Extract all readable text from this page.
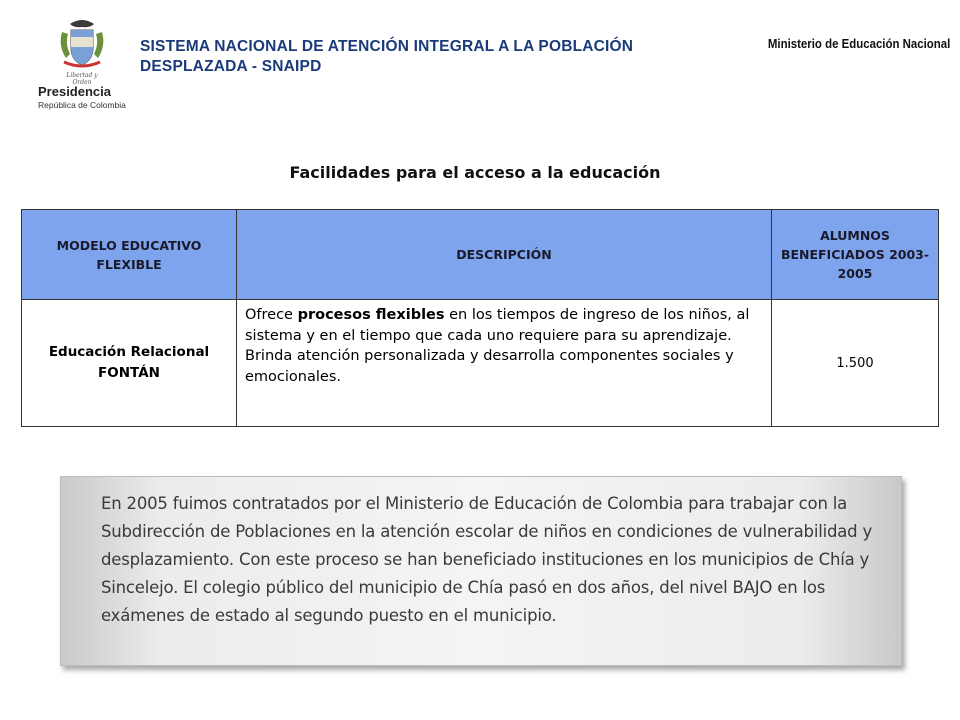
Libertad y Orden
Presidencia
República de Colombia
SISTEMA NACIONAL DE ATENCIÓN INTEGRAL A LA POBLACIÓN DESPLAZADA - SNAIPD
Ministerio de Educación Nacional
Facilidades para el acceso a la educación
MODELO EDUCATIVO FLEXIBLE	DESCRIPCIÓN	ALUMNOS BENEFICIADOS 2003-2005
Educación Relacional FONTÁN	Ofrece procesos flexibles en los tiempos de ingreso de los niños, al sistema y en el tiempo que cada uno requiere para su aprendizaje. Brinda atención personalizada y desarrolla componentes sociales y emocionales.	1.500
En 2005 fuimos contratados por el Ministerio de Educación de Colombia para trabajar con la Subdirección de Poblaciones en la atención escolar de niños en condiciones de vulnerabilidad y desplazamiento. Con este proceso se han beneficiado instituciones en los municipios de Chía y Sincelejo. El colegio público del municipio de Chía pasó en dos años, del nivel BAJO en los exámenes de estado al segundo puesto en el municipio.
